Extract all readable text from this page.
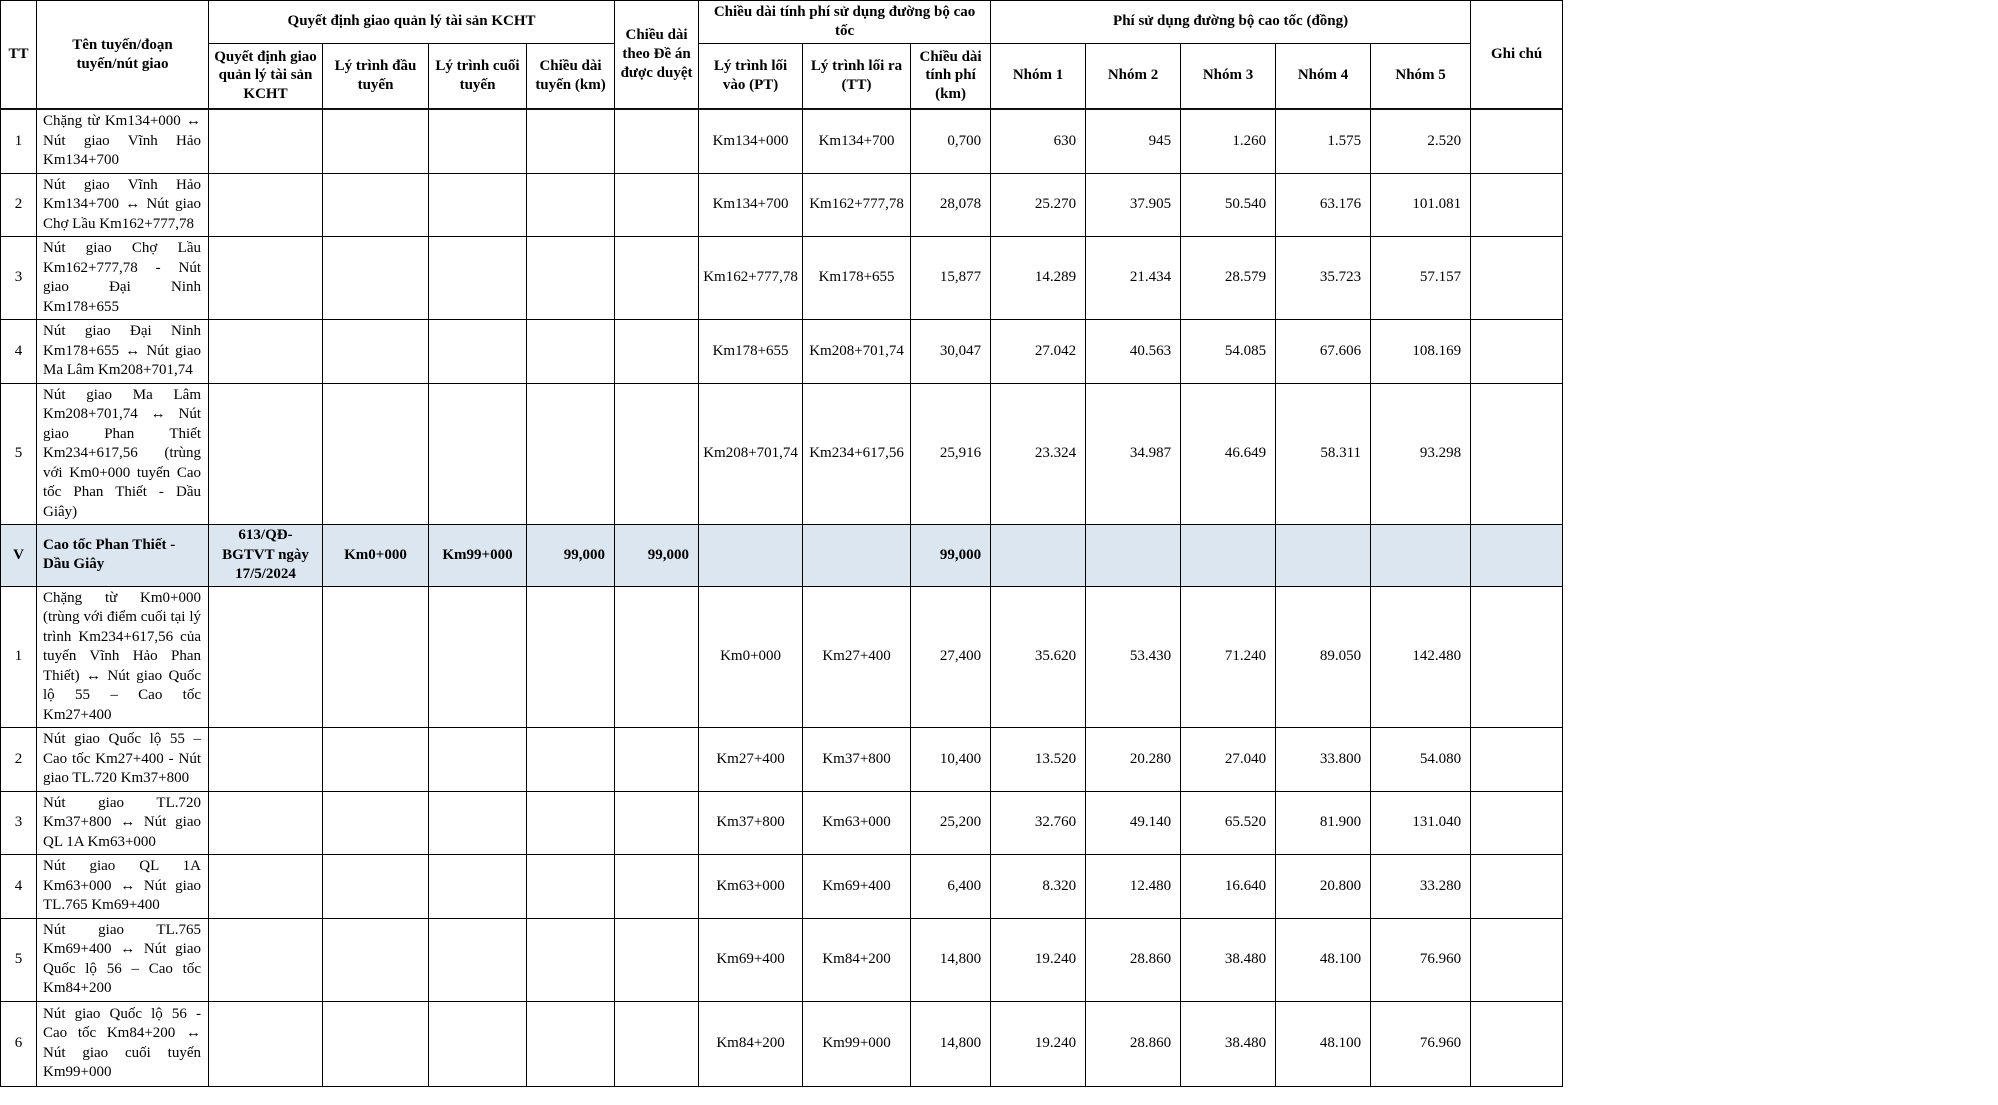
TT	Tên tuyến/đoạn tuyến/nút giao	Quyết định giao quản lý tài sản KCHT				Chiều dài theo Đề án được duyệt	Chiều dài tính phí sử dụng đường bộ cao tốc			Phí sử dụng đường bộ cao tốc (đồng)					Ghi chú
		Quyết định giao quản lý tài sản KCHT	Lý trình đầu tuyến	Lý trình cuối tuyến	Chiều dài tuyến (km)		Lý trình lối vào (PT)	Lý trình lối ra (TT)	Chiều dài tính phí (km)	Nhóm 1	Nhóm 2	Nhóm 3	Nhóm 4	Nhóm 5	
1	Chặng từ Km134+000 ↔ Nút giao Vĩnh Hảo Km134+700						Km134+000	Km134+700	0,700	630	945	1.260	1.575	2.520	
2	Nút giao Vĩnh Hảo Km134+700 ↔ Nút giao Chợ Lầu Km162+777,78						Km134+700	Km162+777,78	28,078	25.270	37.905	50.540	63.176	101.081	
3	Nút giao Chợ Lầu Km162+777,78 - Nút giao Đại Ninh Km178+655						Km162+777,78	Km178+655	15,877	14.289	21.434	28.579	35.723	57.157	
4	Nút giao Đại Ninh Km178+655 ↔ Nút giao Ma Lâm Km208+701,74						Km178+655	Km208+701,74	30,047	27.042	40.563	54.085	67.606	108.169	
5	Nút giao Ma Lâm Km208+701,74 ↔ Nút giao Phan Thiết Km234+617,56 (trùng với Km0+000 tuyến Cao tốc Phan Thiết - Dầu Giây)						Km208+701,74	Km234+617,56	25,916	23.324	34.987	46.649	58.311	93.298	
V	Cao tốc Phan Thiết - Dầu Giây	613/QĐ-BGTVT ngày 17/5/2024	Km0+000	Km99+000	99,000	99,000			99,000						
1	Chặng từ Km0+000 (trùng với điểm cuối tại lý trình Km234+617,56 của tuyến Vĩnh Hảo Phan Thiết) ↔ Nút giao Quốc lộ 55 – Cao tốc Km27+400						Km0+000	Km27+400	27,400	35.620	53.430	71.240	89.050	142.480	
2	Nút giao Quốc lộ 55 – Cao tốc Km27+400 - Nút giao TL.720 Km37+800						Km27+400	Km37+800	10,400	13.520	20.280	27.040	33.800	54.080	
3	Nút giao TL.720 Km37+800 ↔ Nút giao QL 1A Km63+000						Km37+800	Km63+000	25,200	32.760	49.140	65.520	81.900	131.040	
4	Nút giao QL 1A Km63+000 ↔ Nút giao TL.765 Km69+400						Km63+000	Km69+400	6,400	8.320	12.480	16.640	20.800	33.280	
5	Nút giao TL.765 Km69+400 ↔ Nút giao Quốc lộ 56 – Cao tốc Km84+200						Km69+400	Km84+200	14,800	19.240	28.860	38.480	48.100	76.960	
6	Nút giao Quốc lộ 56 - Cao tốc Km84+200 ↔ Nút giao cuối tuyến Km99+000						Km84+200	Km99+000	14,800	19.240	28.860	38.480	48.100	76.960	
